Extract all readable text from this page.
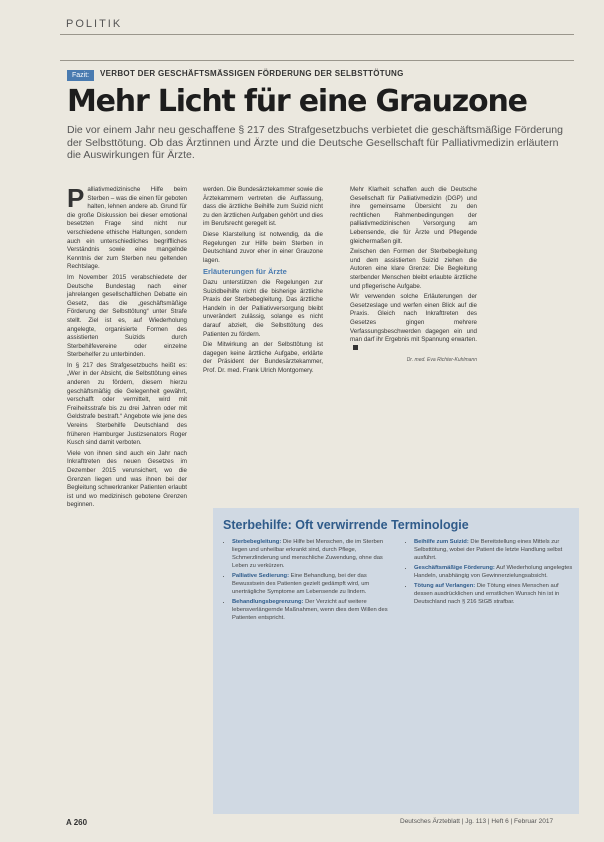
POLITIK
Fazit:	VERBOT DER GESCHÄFTSMÄSSIGEN FÖRDERUNG DER SELBSTTÖTUNG
Mehr Licht für eine Grauzone

Die vor einem Jahr neu geschaffene § 217 des Strafgesetzbuchs verbietet die geschäftsmäßige Förderung der Selbsttötung. Ob das Ärztinnen und Ärzte und die Deutsche Gesellschaft für Palliativmedizin erläutern die Auswirkungen für Ärzte.

P alliativmedizinische Hilfe beim Sterben – was die einen für geboten halten, lehnen andere ab. Grund für die große Diskussion bei dieser emotional besetzten Frage sind nicht nur verschiedene ethische Haltungen, sondern auch ein unterschiedliches begriffliches Verständnis sowie eine mangelnde Kenntnis der zum Sterben neu geltenden Rechtslage.

Im November 2015 verabschiedete der Deutsche Bundestag nach einer jahrelangen gesellschaftlichen Debatte ein Gesetz, das die „geschäftsmäßige Förderung der Selbsttötung“ unter Strafe stellt. Ziel ist es, auf Wiederholung angelegte, organisierte Formen des assistierten Suizids durch Sterbehilfevereine oder einzelne Sterbehelfer zu unterbinden.

In § 217 des Strafgesetzbuchs heißt es: „Wer in der Absicht, die Selbsttötung eines anderen zu fördern, diesem hierzu geschäftsmäßig die Gelegenheit gewährt, verschafft oder vermittelt, wird mit Freiheitsstrafe bis zu drei Jahren oder mit Geldstrafe bestraft.“ Angebote wie jene des Vereins Sterbehilfe Deutschland des früheren Hamburger Justizsenators Roger Kusch sind damit verboten.

Viele von ihnen sind auch ein Jahr nach Inkrafttreten des neuen Gesetzes im Dezember 2015 verunsichert, wo die Grenzen liegen und was ihnen bei der Begleitung schwerkranker Patienten erlaubt ist und wo medizinisch gebotene Grenzen beginnen.

werden. Die Bundesärztekammer sowie die Ärztekammern vertreten die Auffassung, dass die ärztliche Beihilfe zum Suizid nicht zu den ärztlichen Aufgaben gehört und dies im Berufsrecht geregelt ist.

Diese Klarstellung ist notwendig, da die Regelungen zur Hilfe beim Sterben in Deutschland zuvor eher in einer Grauzone lagen.

Erläuterungen für Ärzte

Dazu unterstützen die Regelungen zur Suizidbeihilfe nicht die bisherige ärztliche Praxis der Sterbebegleitung. Das ärztliche Handeln in der Palliativversorgung bleibt unverändert zulässig, solange es nicht darauf abzielt, die Selbsttötung des Patienten zu fördern.

Die Mitwirkung an der Selbsttötung ist dagegen keine ärztliche Aufgabe, erklärte der Präsident der Bundesärztekammer, Prof. Dr. med. Frank Ulrich Montgomery.

Mehr Klarheit schaffen auch die Deutsche Gesellschaft für Palliativmedizin (DGP) und ihre gemeinsame Übersicht zu den rechtlichen Rahmenbedingungen der palliativmedizinischen Versorgung am Lebensende, die für Ärzte und Pflegende gleichermaßen gilt.

Zwischen den Formen der Sterbebegleitung und dem assistierten Suizid ziehen die Autoren eine klare Grenze: Die Begleitung sterbender Menschen bleibt erlaubte ärztliche und pflegerische Aufgabe.

Wir verwenden solche Erläuterungen der Gesetzeslage und werfen einen Blick auf die Praxis. Gleich nach Inkrafttreten des Gesetzes gingen mehrere Verfassungsbeschwerden dagegen ein und man darf ihr Ergebnis mit Spannung erwarten.

Dr. med. Eva Richter-Kuhlmann
Sterbehilfe: Oft verwirrende Terminologie
• Sterbebegleitung: Die Hilfe bei Menschen, die im Sterben liegen und unheilbar erkrankt sind, durch Pflege, Schmerzlinderung und menschliche Zuwendung, ohne das Leben zu verkürzen.
• Palliative Sedierung: Eine Behandlung, bei der das Bewusstsein des Patienten gezielt gedämpft wird, um unerträgliche Symptome am Lebensende zu lindern.
• Behandlungsbegrenzung: Der Verzicht auf weitere lebensverlängernde Maßnahmen, wenn dies dem Willen des Patienten entspricht.
• Beihilfe zum Suizid: Die Bereitstellung eines Mittels zur Selbsttötung, wobei der Patient die letzte Handlung selbst ausführt.
• Geschäftsmäßige Förderung: Auf Wiederholung angelegtes Handeln, unabhängig von Gewinnerzielungsabsicht.
• Tötung auf Verlangen: Die Tötung eines Menschen auf dessen ausdrücklichen und ernstlichen Wunsch hin ist in Deutschland nach § 216 StGB strafbar.
A 260	Deutsches Ärzteblatt | Jg. 113 | Heft 6 | Februar 2017
